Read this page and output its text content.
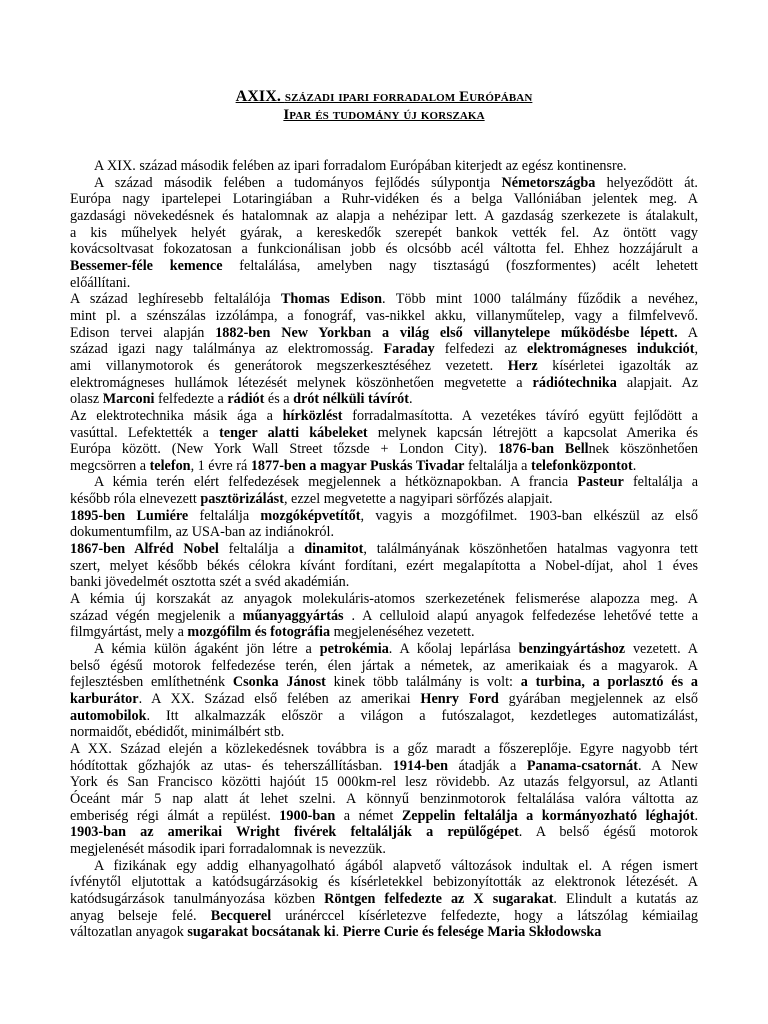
AXIX. századi ipari forradalom Európában
Ipar és tudomány új korszaka
A XIX. század második felében az ipari forradalom Európában kiterjedt az egész kontinensre.
A század második felében a tudományos fejlődés súlypontja Németországba helyeződött át.
Európa nagy ipartelepei Lotaringiában a Ruhr-vidéken és a belga Vallóniában jelentek meg. A
gazdasági növekedésnek és hatalomnak az alapja a nehézipar lett. A gazdaság szerkezete is átalakult,
a kis műhelyek helyét gyárak, a kereskedők szerepét bankok vették fel. Az öntött vagy
kovácsoltvasat fokozatosan a funkcionálisan jobb és olcsóbb acél váltotta fel. Ehhez hozzájárult a
Bessemer-féle kemence feltalálása, amelyben nagy tisztaságú (foszformentes) acélt lehetett
előállítani.
A század leghíresebb feltalálója Thomas Edison. Több mint 1000 találmány fűződik a nevéhez,
mint pl. a szénszálas izzólámpa, a fonográf, vas-nikkel akku, villanyműtelep, vagy a filmfelvevő.
Edison tervei alapján 1882-ben New Yorkban a világ első villanytelepe működésbe lépett. A
század igazi nagy találmánya az elektromosság. Faraday felfedezi az elektromágneses indukciót,
ami villanymotorok és generátorok megszerkesztéséhez vezetett. Herz kísérletei igazolták az
elektromágneses hullámok létezését melynek köszönhetően megvetette a rádiótechnika alapjait. Az
olasz Marconi felfedezte a rádiót és a drót nélküli távírót.
Az elektrotechnika másik ága a hírközlést forradalmasította. A vezetékes távíró együtt fejlődött a
vasúttal. Lefektették a tenger alatti kábeleket melynek kapcsán létrejött a kapcsolat Amerika és
Európa között. (New York Wall Street tőzsde + London City). 1876-ban Bellnek köszönhetően
megcsörren a telefon, 1 évre rá 1877-ben a magyar Puskás Tivadar feltalálja a telefonközpontot.
A kémia terén elért felfedezések megjelennek a hétköznapokban. A francia Pasteur feltalálja a
később róla elnevezett pasztörizálást, ezzel megvetette a nagyipari sörfőzés alapjait.
1895-ben Lumiére feltalálja mozgóképvetítőt, vagyis a mozgófilmet. 1903-ban elkészül az első
dokumentumfilm, az USA-ban az indiánokról.
1867-ben Alfréd Nobel feltalálja a dinamitot, találmányának köszönhetően hatalmas vagyonra tett
szert, melyet később békés célokra kívánt fordítani, ezért megalapította a Nobel-díjat, ahol 1 éves
banki jövedelmét osztotta szét a svéd akadémián.
A kémia új korszakát az anyagok molekuláris-atomos szerkezetének felismerése alapozza meg. A
század végén megjelenik a műanyaggyártás . A celluloid alapú anyagok felfedezése lehetővé tette a
filmgyártást, mely a mozgófilm és fotográfia megjelenéséhez vezetett.
A kémia külön ágaként jön létre a petrokémia. A kőolaj lepárlása benzingyártáshoz vezetett. A
belső égésű motorok felfedezése terén, élen jártak a németek, az amerikaiak és a magyarok. A
fejlesztésben említhetnénk Csonka Jánost kinek több találmány is volt: a turbina, a porlasztó és a
karburátor. A XX. Század első felében az amerikai Henry Ford gyárában megjelennek az első
automobilok. Itt alkalmazzák először a világon a futószalagot, kezdetleges automatizálást,
normaidőt, ebédidőt, minimálbért stb.
A XX. Század elején a közlekedésnek továbbra is a gőz maradt a főszereplője. Egyre nagyobb tért
hódítottak gőzhajók az utas- és teherszállításban. 1914-ben átadják a Panama-csatornát. A New
York és San Francisco közötti hajóút 15 000km-rel lesz rövidebb. Az utazás felgyorsul, az Atlanti
Óceánt már 5 nap alatt át lehet szelni. A könnyű benzinmotorok feltalálása valóra váltotta az
emberiség régi álmát a repülést. 1900-ban a német Zeppelin feltalálja a kormányozható léghajót.
1903-ban az amerikai Wright fivérek feltalálják a repülőgépet. A belső égésű motorok
megjelenését második ipari forradalomnak is nevezzük.
A fizikának egy addig elhanyagolható ágából alapvető változások indultak el. A régen ismert
ívfénytől eljutottak a katódsugárzásokig és kísérletekkel bebizonyították az elektronok létezését. A
katódsugárzások tanulmányozása közben Röntgen felfedezte az X sugarakat. Elindult a kutatás az
anyag belseje felé. Becquerel uránérccel kísérletezve felfedezte, hogy a látszólag kémiailag
változatlan anyagok sugarakat bocsátanak ki. Pierre Curie és felesége Maria Skłodowska
